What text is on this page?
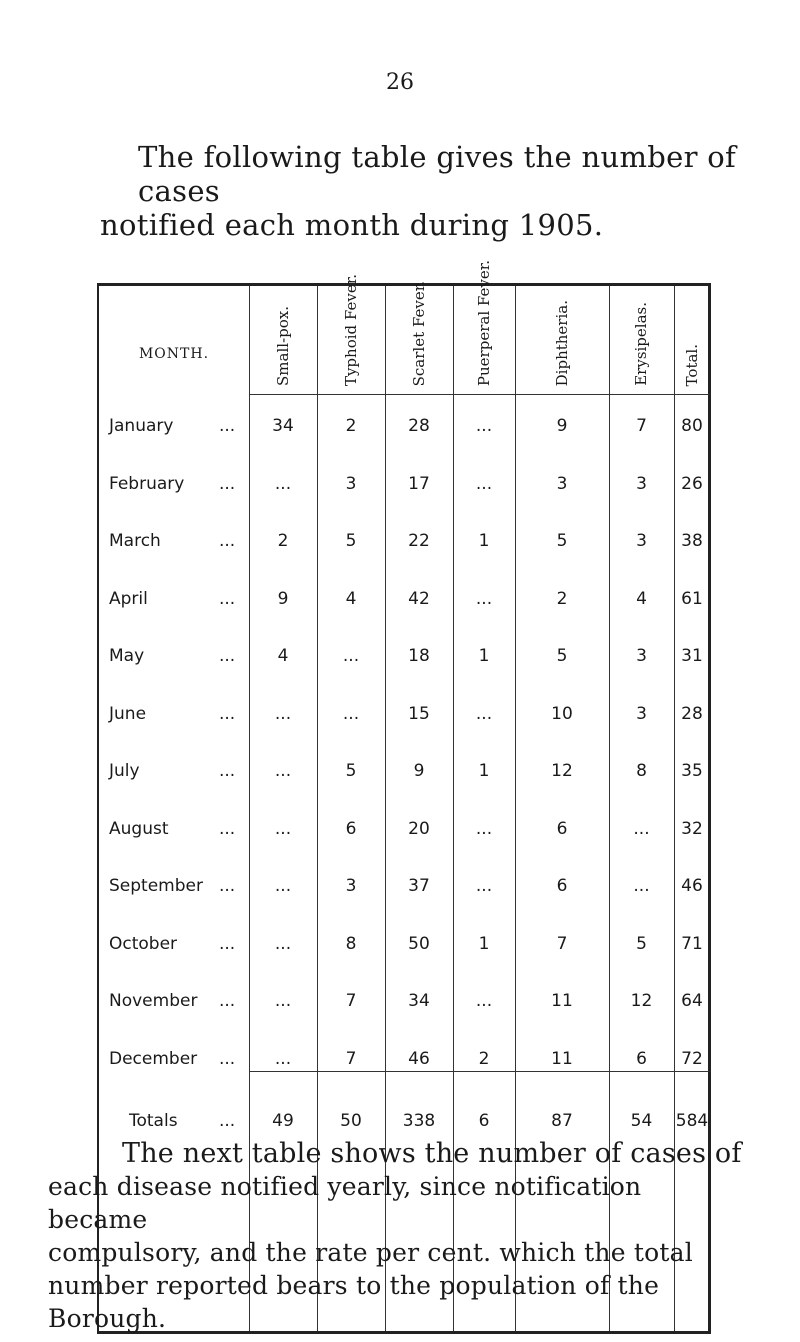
26
The following table gives the number of cases
notified each month during 1905.
MONTH.	Small-pox.	Typhoid Fever.	Scarlet Fever.	Puerperal Fever.	Diphtheria.	Erysipelas. Total.
January	...	34	2	28	...	9	7	80
February ...	...	3	17	...	3	3	26
March	...	2	5	22	1	5	3	38
April	...	9	4	42	...	2	4	61
May	...	4	...	18	1	5	3	31
June	...	...	...	15	...	10	3	28
July	...	...	5	9	1	12	8	35
August	...	...	6	20	...	6	...	32
September ...	...	3	37	...	6	...	46
October ...	...	8	50	1	7	5	71
November ...	...	7	34	...	11	12	64
December ...	...	7	46	2	11	6	72
Totals ...	49	50	338	6	87	54	584
The next table shows the number of cases of
each disease notified yearly, since notification became
compulsory, and the rate per cent. which the total
number reported bears to the population of the
Borough.
